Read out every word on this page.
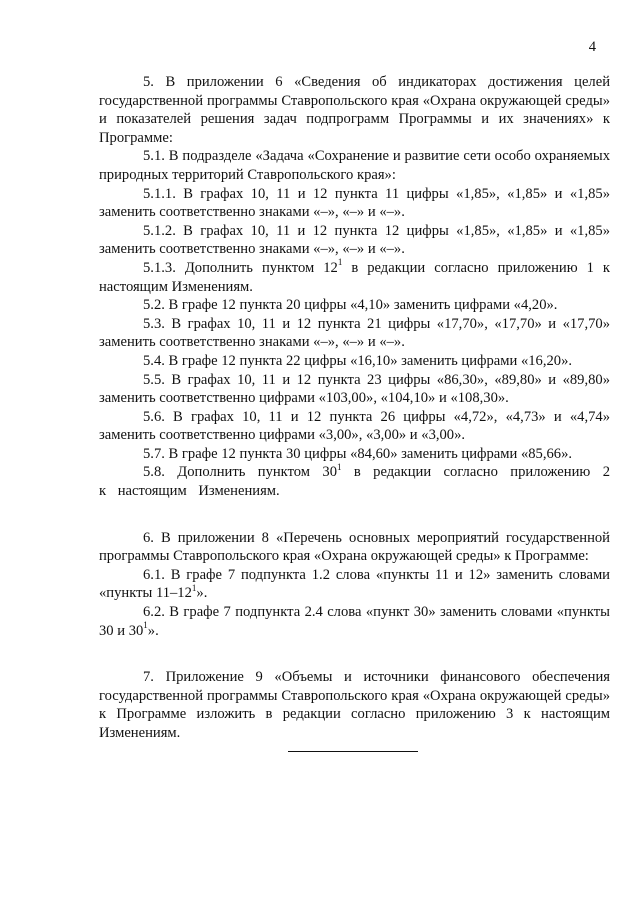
4

5. В приложении 6 «Сведения об индикаторах достижения целей государственной программы Ставропольского края «Охрана окружающей среды» и показателей решения задач подпрограмм Программы и их значениях» к Программе:

5.1. В подразделе «Задача «Сохранение и развитие сети особо охраняемых природных территорий Ставропольского края»:

5.1.1. В графах 10, 11 и 12 пункта 11 цифры «1,85», «1,85» и «1,85» заменить соответственно знаками «–», «–» и «–».

5.1.2. В графах 10, 11 и 12 пункта 12 цифры «1,85», «1,85» и «1,85» заменить соответственно знаками «–», «–» и «–».

5.1.3. Дополнить пунктом $12^1$ в редакции согласно приложению 1 к настоящим Изменениям.

5.2. В графе 12 пункта 20 цифры «4,10» заменить цифрами «4,20».

5.3. В графах 10, 11 и 12 пункта 21 цифры «17,70», «17,70» и «17,70» заменить соответственно знаками «–», «–» и «–».

5.4. В графе 12 пункта 22 цифры «16,10» заменить цифрами «16,20».

5.5. В графах 10, 11 и 12 пункта 23 цифры «86,30», «89,80» и «89,80» заменить соответственно цифрами «103,00», «104,10» и «108,30».

5.6. В графах 10, 11 и 12 пункта 26 цифры «4,72», «4,73» и «4,74» заменить соответственно цифрами «3,00», «3,00» и «3,00».

5.7. В графе 12 пункта 30 цифры «84,60» заменить цифрами «85,66».

5.8. Дополнить пунктом $30^1$ в редакции согласно приложению 2 к настоящим Изменениям.

6. В приложении 8 «Перечень основных мероприятий государственной программы Ставропольского края «Охрана окружающей среды» к Программе:

6.1. В графе 7 подпункта 1.2 слова «пункты 11 и 12» заменить словами «пункты $11-12^1$».

6.2. В графе 7 подпункта 2.4 слова «пункт 30» заменить словами «пункты 30 и $30^1$».

7. Приложение 9 «Объемы и источники финансового обеспечения государственной программы Ставропольского края «Охрана окружающей среды» к Программе изложить в редакции согласно приложению 3 к настоящим Изменениям.
